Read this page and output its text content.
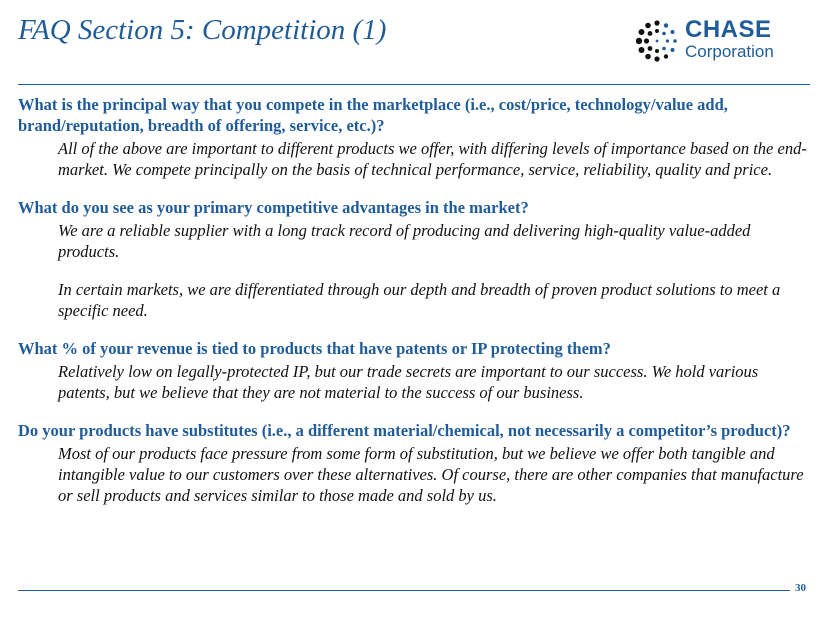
FAQ Section 5: Competition (1)	CHASE
Corporation

What is the principal way that you compete in the marketplace (i.e., cost/price, technology/value add, brand/reputation, breadth of offering, service, etc.)?

All of the above are important to different products we offer, with differing levels of importance based on the end-market. We compete principally on the basis of technical performance, service, reliability, quality and price.

What do you see as your primary competitive advantages in the market?

We are a reliable supplier with a long track record of producing and delivering high-quality value-added products.

In certain markets, we are differentiated through our depth and breadth of proven product solutions to meet a specific need.

What % of your revenue is tied to products that have patents or IP protecting them?

Relatively low on legally-protected IP, but our trade secrets are important to our success. We hold various patents, but we believe that they are not material to the success of our business.

Do your products have substitutes (i.e., a different material/chemical, not necessarily a competitor’s product)?

Most of our products face pressure from some form of substitution, but we believe we offer both tangible and intangible value to our customers over these alternatives. Of course, there are other companies that manufacture or sell products and services similar to those made and sold by us.

30
